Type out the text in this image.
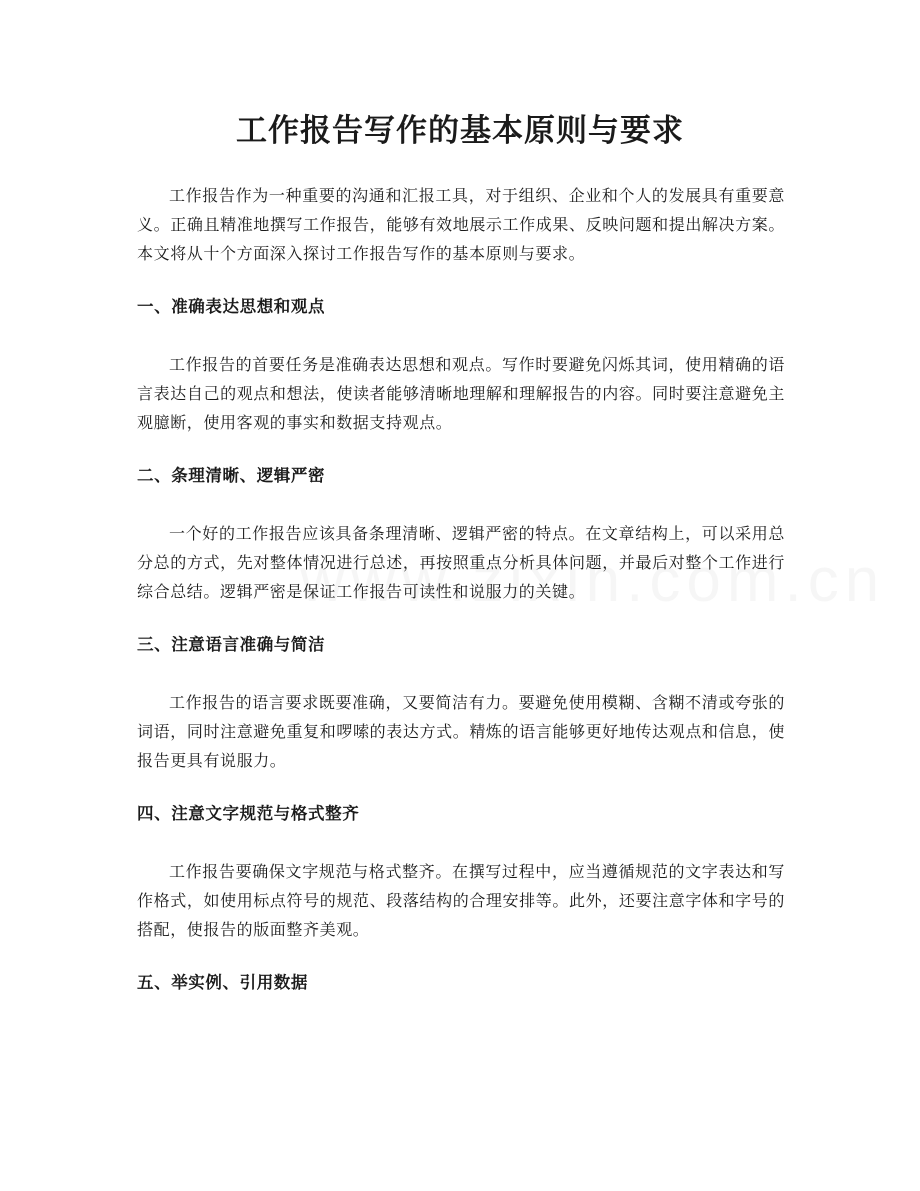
工作报告写作的基本原则与要求

工作报告作为一种重要的沟通和汇报工具，对于组织、企业和个人的发展具有重要意义。正确且精准地撰写工作报告，能够有效地展示工作成果、反映问题和提出解决方案。本文将从十个方面深入探讨工作报告写作的基本原则与要求。

一、准确表达思想和观点

工作报告的首要任务是准确表达思想和观点。写作时要避免闪烁其词，使用精确的语言表达自己的观点和想法，使读者能够清晰地理解和理解报告的内容。同时要注意避免主观臆断，使用客观的事实和数据支持观点。

二、条理清晰、逻辑严密

一个好的工作报告应该具备条理清晰、逻辑严密的特点。在文章结构上，可以采用总分总的方式，先对整体情况进行总述，再按照重点分析具体问题，并最后对整个工作进行综合总结。逻辑严密是保证工作报告可读性和说服力的关键。

三、注意语言准确与简洁

工作报告的语言要求既要准确，又要简洁有力。要避免使用模糊、含糊不清或夸张的词语，同时注意避免重复和啰嗦的表达方式。精炼的语言能够更好地传达观点和信息，使报告更具有说服力。

四、注意文字规范与格式整齐

工作报告要确保文字规范与格式整齐。在撰写过程中，应当遵循规范的文字表达和写作格式，如使用标点符号的规范、段落结构的合理安排等。此外，还要注意字体和字号的搭配，使报告的版面整齐美观。

五、举实例、引用数据
